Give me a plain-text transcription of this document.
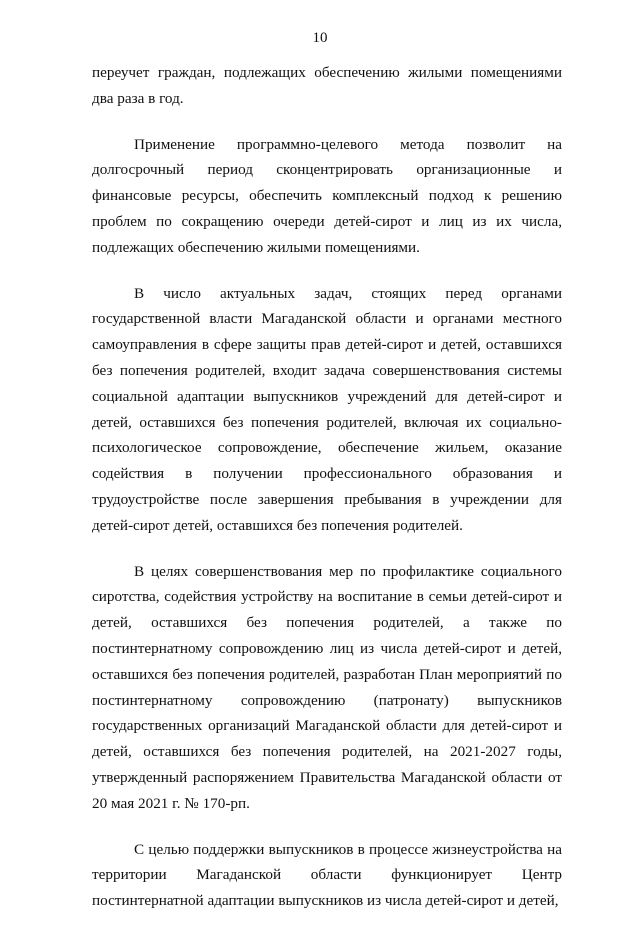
10

переучет граждан, подлежащих обеспечению жилыми помещениями два раза в год.

Применение программно-целевого метода позволит на долгосрочный период сконцентрировать организационные и финансовые ресурсы, обеспечить комплексный подход к решению проблем по сокращению очереди детей-сирот и лиц из их числа, подлежащих обеспечению жилыми помещениями.

В число актуальных задач, стоящих перед органами государственной власти Магаданской области и органами местного самоуправления в сфере защиты прав детей-сирот и детей, оставшихся без попечения родителей, входит задача совершенствования системы социальной адаптации выпускников учреждений для детей-сирот и детей, оставшихся без попечения родителей, включая их социально-психологическое сопровождение, обеспечение жильем, оказание содействия в получении профессионального образования и трудоустройстве после завершения пребывания в учреждении для детей-сирот детей, оставшихся без попечения родителей.

В целях совершенствования мер по профилактике социального сиротства, содействия устройству на воспитание в семьи детей-сирот и детей, оставшихся без попечения родителей, а также по постинтернатному сопровождению лиц из числа детей-сирот и детей, оставшихся без попечения родителей, разработан План мероприятий по постинтернатному сопровождению (патронату) выпускников государственных организаций Магаданской области для детей-сирот и детей, оставшихся без попечения родителей, на 2021-2027 годы, утвержденный распоряжением Правительства Магаданской области от 20 мая 2021 г. № 170-рп.

С целью поддержки выпускников в процессе жизнеустройства на территории Магаданской области функционирует Центр постинтернатной адаптации выпускников из числа детей-сирот и детей,
